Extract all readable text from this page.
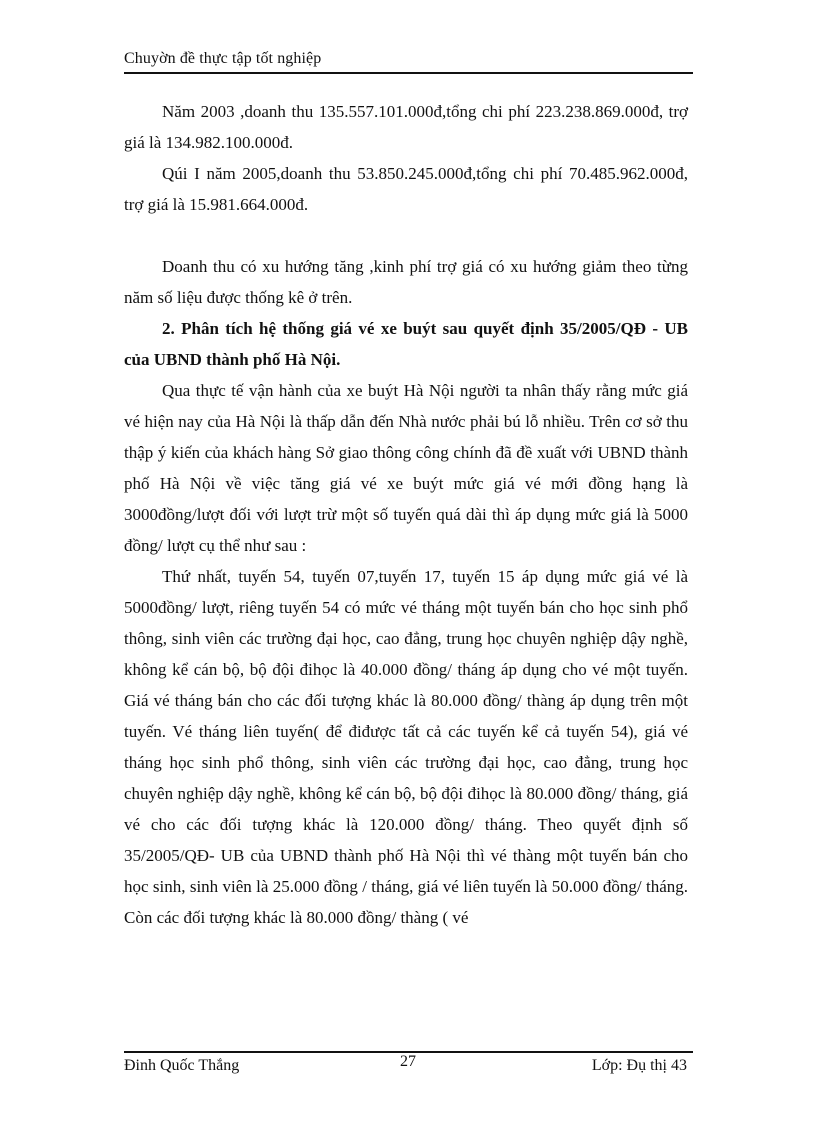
Chuyờn đề thực tập tốt nghiệp

Năm 2003 ,doanh thu 135.557.101.000đ,tổng chi phí 223.238.869.000đ, trợ giá là 134.982.100.000đ.

Qúi I năm 2005,doanh thu 53.850.245.000đ,tổng chi phí 70.485.962.000đ, trợ giá là 15.981.664.000đ.

Doanh thu có xu hướng tăng ,kinh phí trợ giá có xu hướng giảm theo từng năm số liệu được thống kê ở trên.

2. Phân tích hệ thống giá vé xe buýt sau quyết định 35/2005/QĐ - UB của UBND thành phố Hà Nội.

Qua thực tế vận hành của xe buýt Hà Nội người ta nhân thấy rằng mức giá vé hiện nay của Hà Nội là thấp dẫn đến Nhà nước phải bú lỗ nhiều. Trên cơ sở thu thập ý kiến của khách hàng Sở giao thông công chính đã đề xuất với UBND thành phố Hà Nội về việc tăng giá vé xe buýt mức giá vé mới đồng hạng là 3000đồng/lượt đối với lượt trừ một số tuyến quá dài thì áp dụng mức giá là 5000 đồng/ lượt cụ thể như sau :

Thứ nhất, tuyến 54, tuyến 07,tuyến 17, tuyến 15 áp dụng mức giá vé là 5000đồng/ lượt, riêng tuyến 54 có mức vé tháng một tuyến bán cho học sinh phổ thông, sinh viên các trường đại học, cao đẳng, trung học chuyên nghiệp dậy nghề, không kể cán bộ, bộ đội đihọc là 40.000 đồng/ tháng áp dụng cho vé một tuyến. Giá vé tháng bán cho các đối tượng khác là 80.000 đồng/ thàng áp dụng trên một tuyến. Vé tháng liên tuyến( để điđược tất cả các tuyến kể cả tuyến 54), giá vé tháng học sinh phổ thông, sinh viên các trường đại học, cao đẳng, trung học chuyên nghiệp dậy nghề, không kể cán bộ, bộ đội đihọc là 80.000 đồng/ tháng, giá vé cho các đối tượng khác là 120.000 đồng/ tháng. Theo quyết định số 35/2005/QĐ- UB của UBND thành phố Hà Nội thì vé thàng một tuyến bán cho học sinh, sinh viên là 25.000 đồng / tháng, giá vé liên tuyến là 50.000 đồng/ tháng. Còn các đối tượng khác là 80.000 đồng/ thàng ( vé

Đinh Quốc Thắng	27	Lớp: Đụ thị 43
